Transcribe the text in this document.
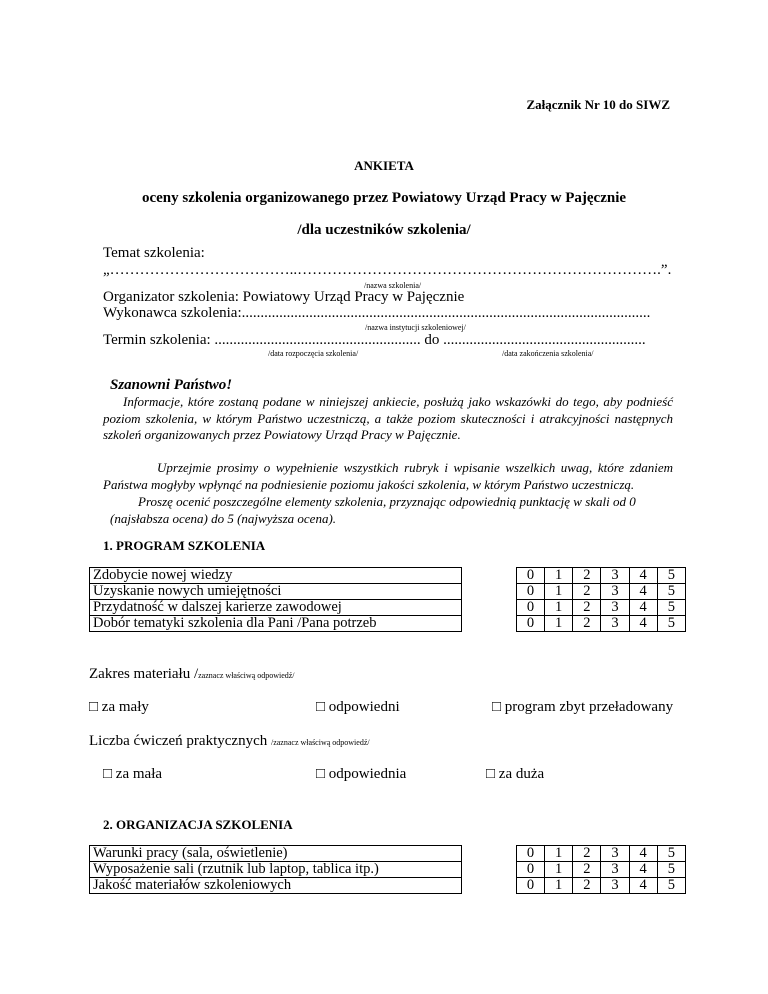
Załącznik Nr 10 do SIWZ
ANKIETA
oceny szkolenia organizowanego przez Powiatowy Urząd Pracy w Pajęcznie
/dla uczestników szkolenia/
Temat szkolenia:
„………………………………..……………………………………………………………….”.
/nazwa szkolenia/
Organizator szkolenia: Powiatowy Urząd Pracy w Pajęcznie
Wykonawca szkolenia:.............................................................................................................
/nazwa instytucji szkoleniowej/
Termin szkolenia: ....................................................... do ......................................................
/data rozpoczęcia szkolenia/	/data zakończenia szkolenia/
Szanowni Państwo!
Informacje, które zostaną podane w niniejszej ankiecie, posłużą jako wskazówki do tego, aby podnieść poziom szkolenia, w którym Państwo uczestniczą, a także poziom skuteczności i atrakcyjności następnych szkoleń organizowanych przez Powiatowy Urząd Pracy w Pajęcznie.
Uprzejmie prosimy o wypełnienie wszystkich rubryk i wpisanie wszelkich uwag, które zdaniem Państwa mogłyby wpłynąć na podniesienie poziomu jakości szkolenia, w którym Państwo uczestniczą.
Proszę ocenić poszczególne elementy szkolenia, przyznając odpowiednią punktację w skali od 0 (najsłabsza ocena) do 5 (najwyższa ocena).
1. PROGRAM SZKOLENIA
Zdobycie nowej wiedzy		0	1	2	3	4	5
Uzyskanie nowych umiejętności		0	1	2	3	4	5
Przydatność w dalszej karierze zawodowej		0	1	2	3	4	5
Dobór tematyki szkolenia dla Pani /Pana potrzeb		0	1	2	3	4	5
Zakres materiału /zaznacz właściwą odpowiedź/
□ za mały	□ odpowiedni	□ program zbyt przeładowany
Liczba ćwiczeń praktycznych /zaznacz właściwą odpowiedź/
□ za mała	□ odpowiednia	□ za duża
2. ORGANIZACJA SZKOLENIA
Warunki pracy (sala, oświetlenie)		0	1	2	3	4	5
Wyposażenie sali (rzutnik lub laptop, tablica itp.)		0	1	2	3	4	5
Jakość materiałów szkoleniowych		0	1	2	3	4	5
